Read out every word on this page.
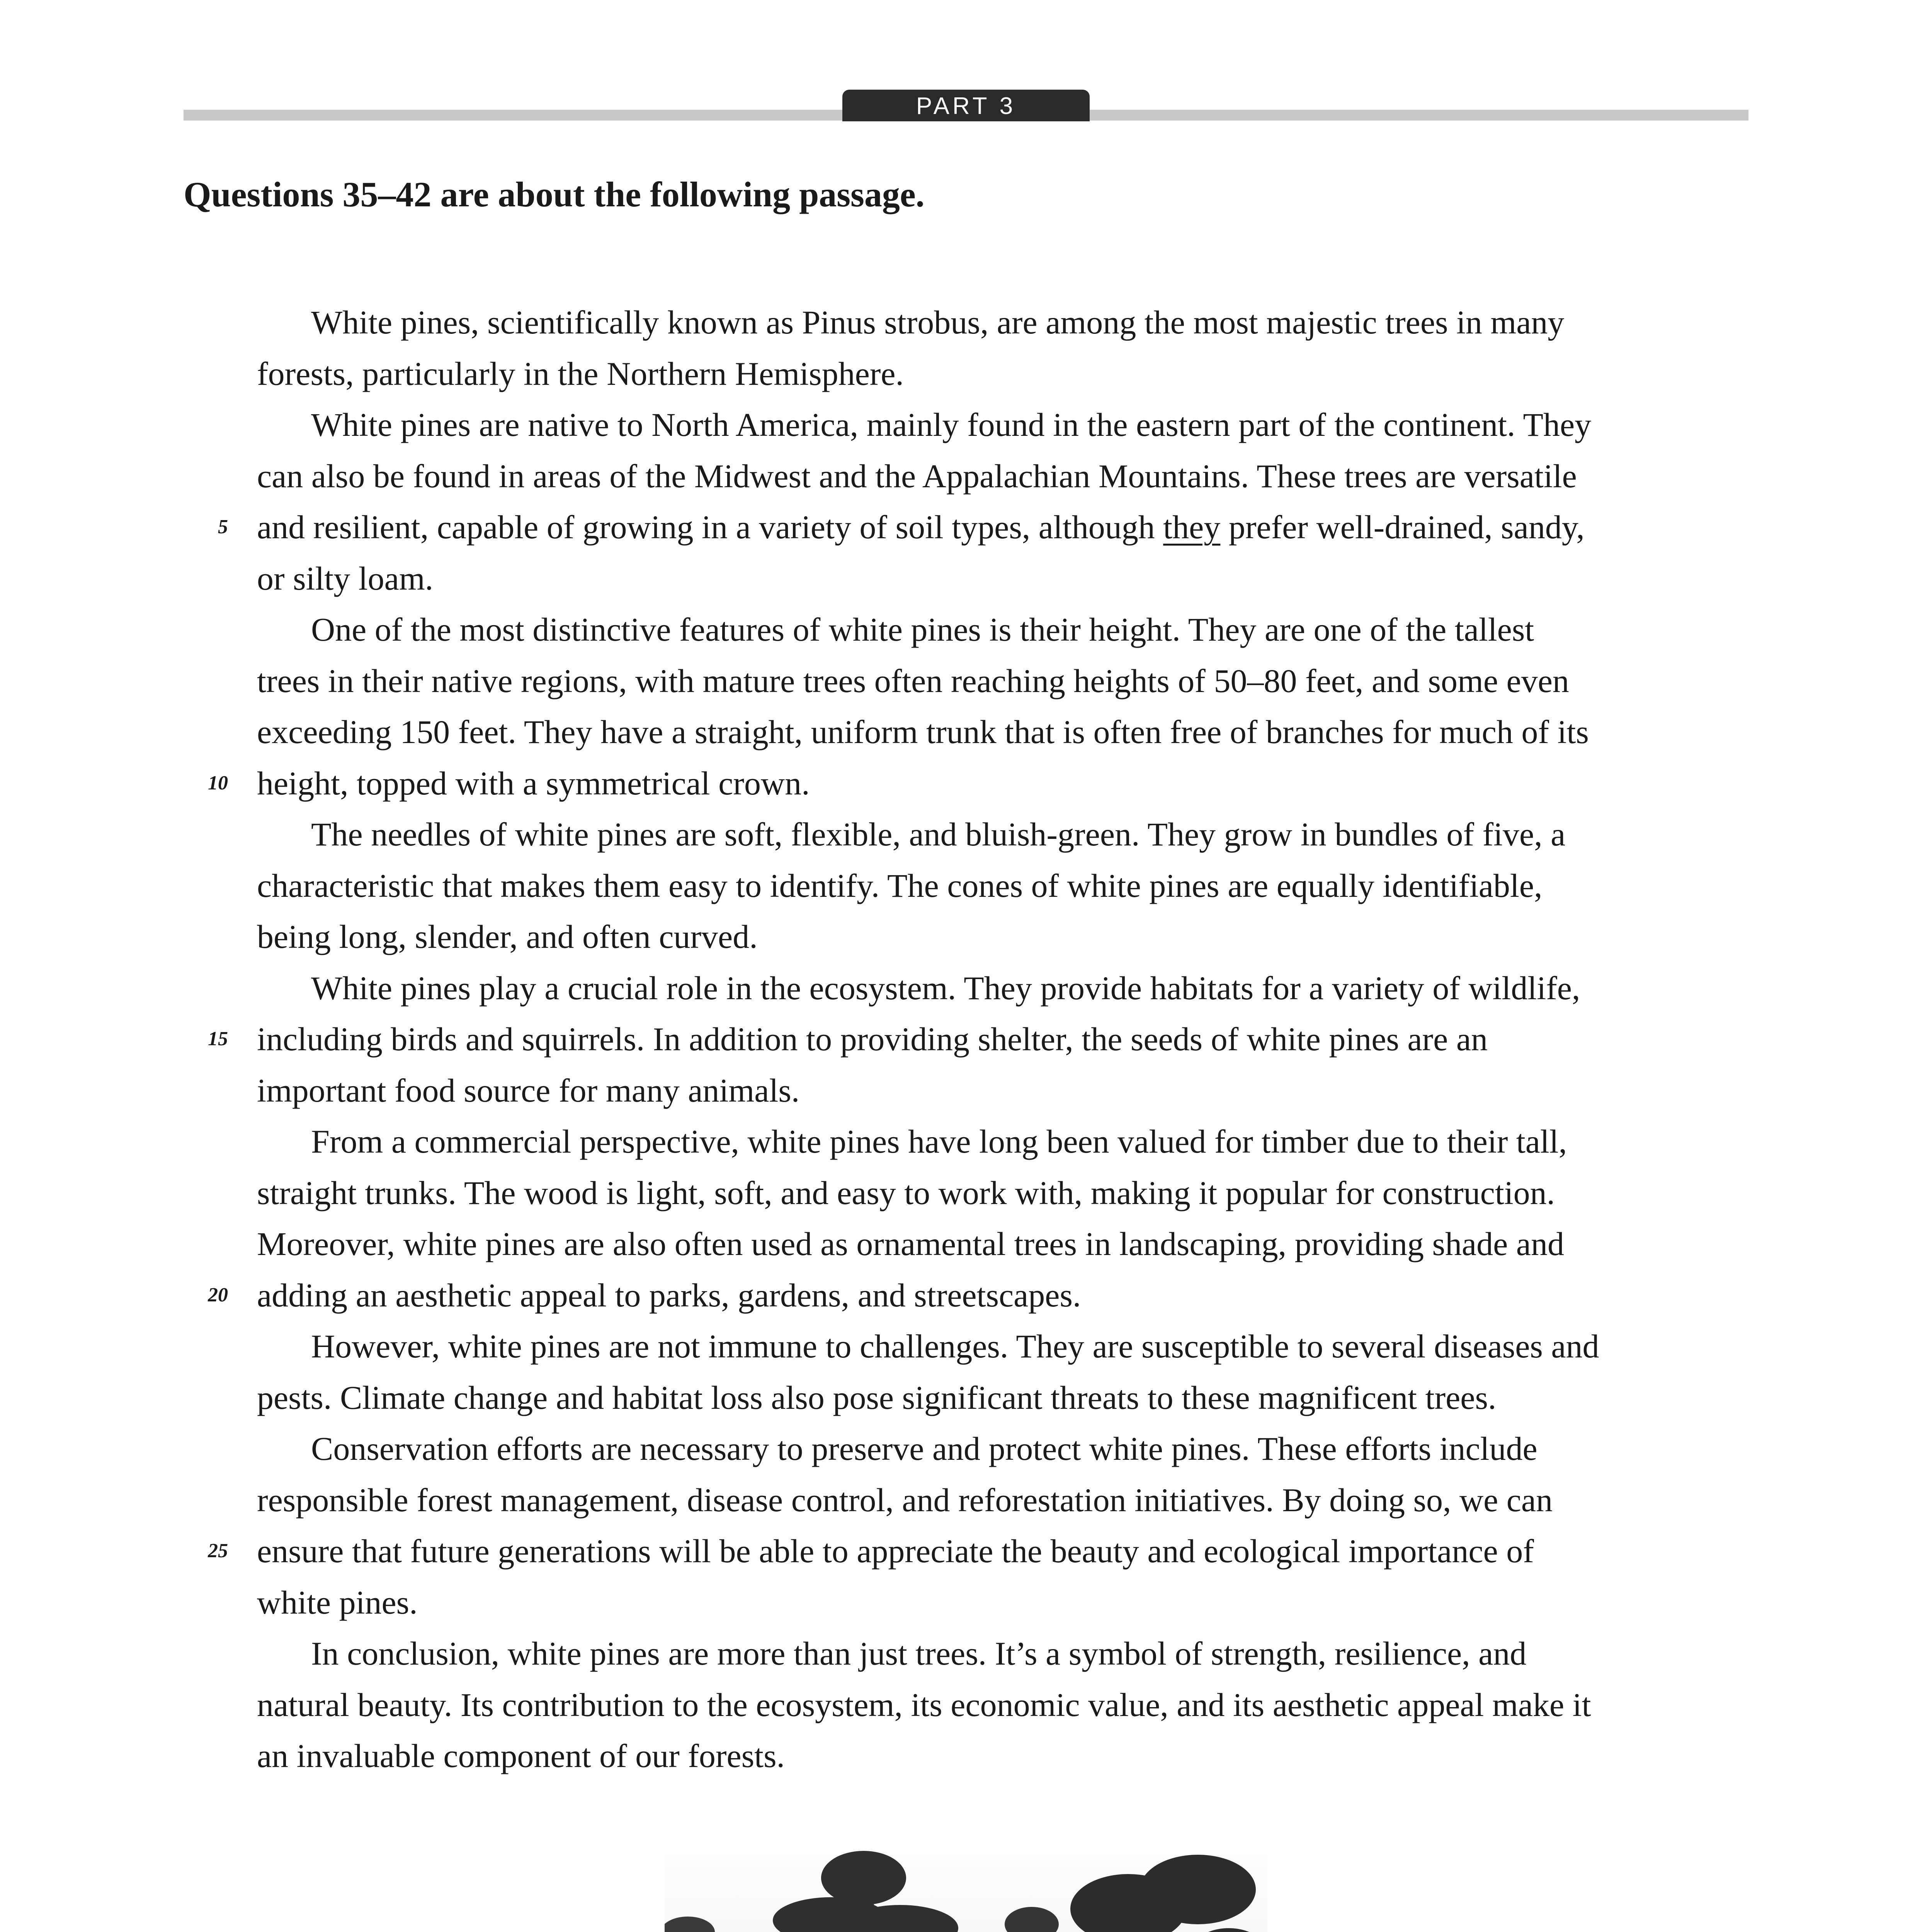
PART 3
Questions 35–42 are about the following passage.

White pines, scientifically known as Pinus strobus, are among the most majestic trees in many

forests, particularly in the Northern Hemisphere.

White pines are native to North America, mainly found in the eastern part of the continent. They

can also be found in areas of the Midwest and the Appalachian Mountains. These trees are versatile

5 and resilient, capable of growing in a variety of soil types, although they prefer well-drained, sandy,

or silty loam.

One of the most distinctive features of white pines is their height. They are one of the tallest

trees in their native regions, with mature trees often reaching heights of 50–80 feet, and some even

exceeding 150 feet. They have a straight, uniform trunk that is often free of branches for much of its

10 height, topped with a symmetrical crown.

The needles of white pines are soft, flexible, and bluish-green. They grow in bundles of five, a

characteristic that makes them easy to identify. The cones of white pines are equally identifiable,

being long, slender, and often curved.

White pines play a crucial role in the ecosystem. They provide habitats for a variety of wildlife,

15 including birds and squirrels. In addition to providing shelter, the seeds of white pines are an

important food source for many animals.

From a commercial perspective, white pines have long been valued for timber due to their tall,

straight trunks. The wood is light, soft, and easy to work with, making it popular for construction.

Moreover, white pines are also often used as ornamental trees in landscaping, providing shade and

20 adding an aesthetic appeal to parks, gardens, and streetscapes.

However, white pines are not immune to challenges. They are susceptible to several diseases and

pests. Climate change and habitat loss also pose significant threats to these magnificent trees.

Conservation efforts are necessary to preserve and protect white pines. These efforts include

responsible forest management, disease control, and reforestation initiatives. By doing so, we can

25 ensure that future generations will be able to appreciate the beauty and ecological importance of

white pines.

In conclusion, white pines are more than just trees. It’s a symbol of strength, resilience, and

natural beauty. Its contribution to the ecosystem, its economic value, and its aesthetic appeal make it

an invaluable component of our forests.
